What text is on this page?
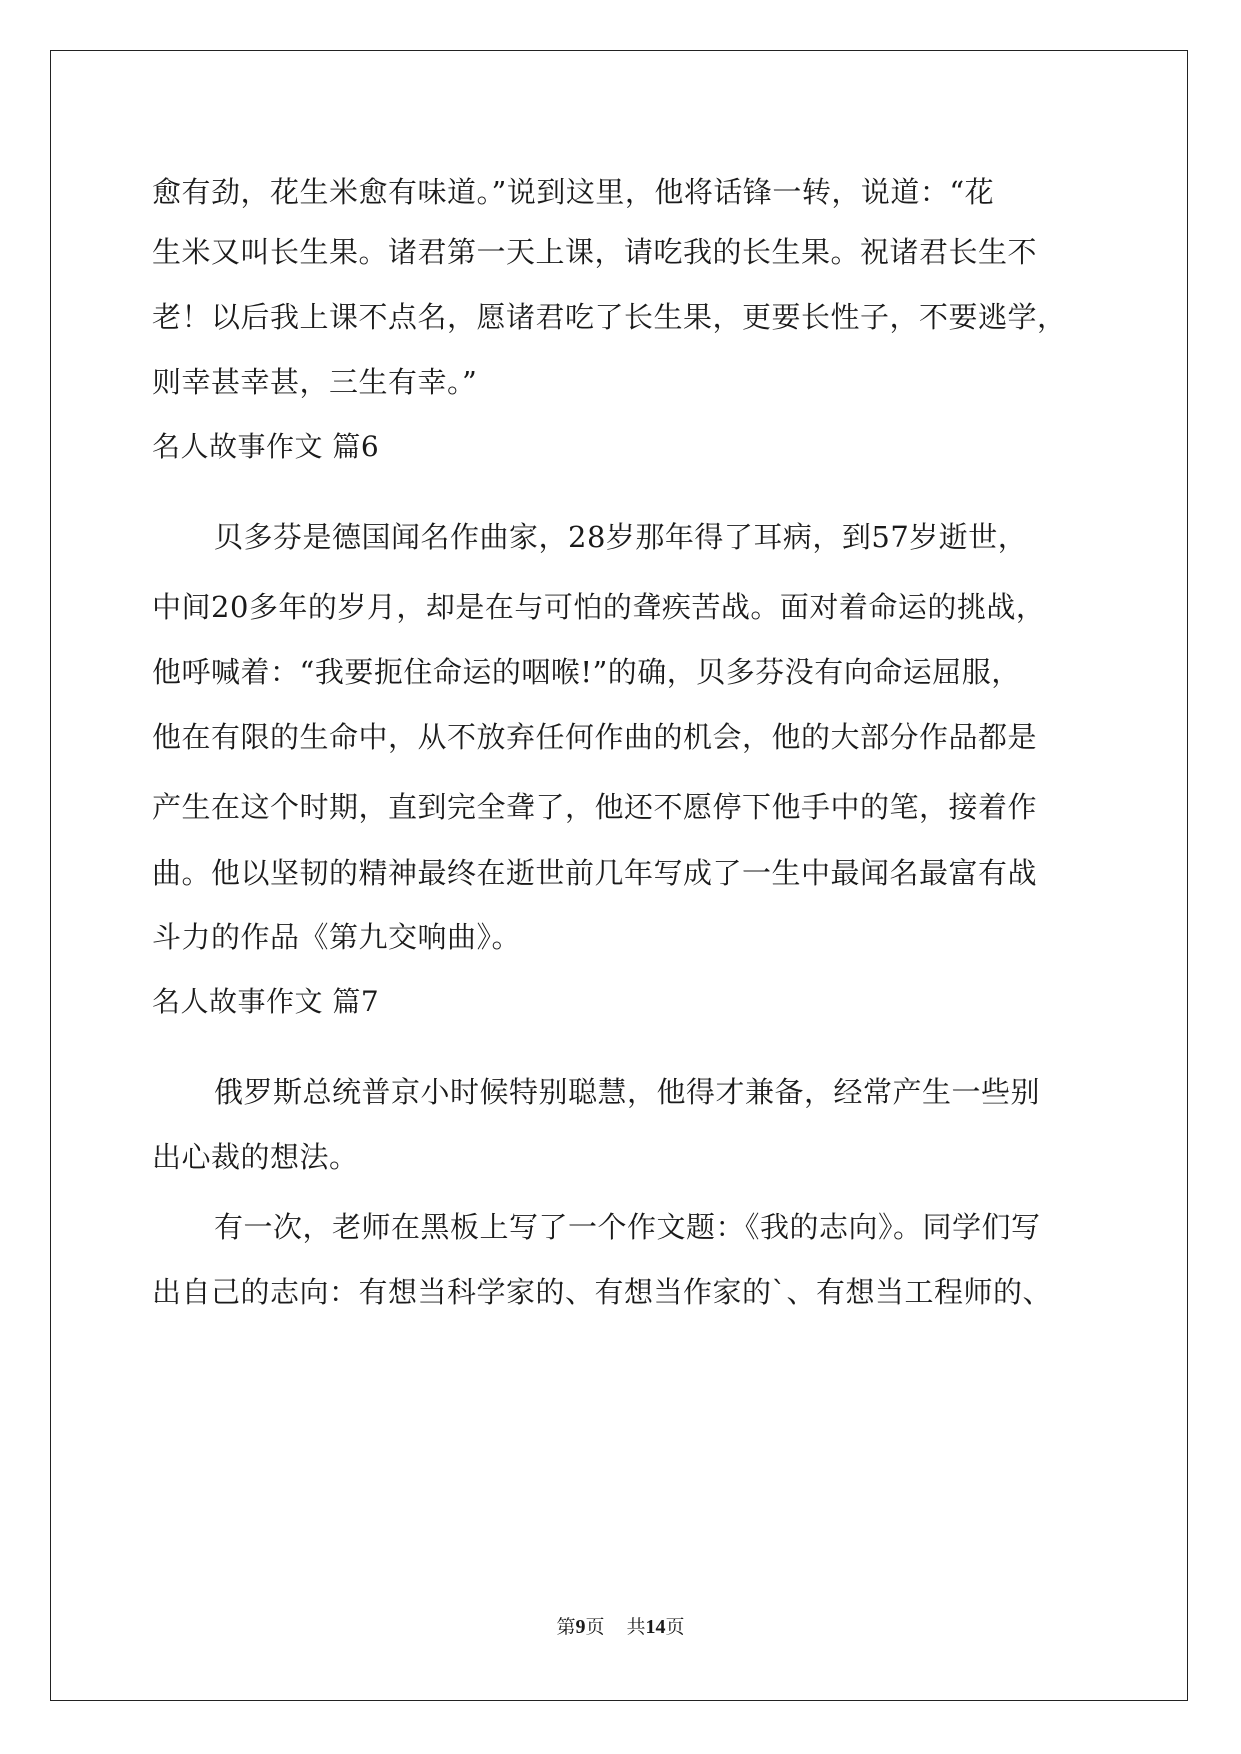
愈有劲，花生米愈有味道。”说到这里，他将话锋一转，说道：“花
生米又叫长生果。诸君第一天上课，请吃我的长生果。祝诸君长生不
老！以后我上课不点名，愿诸君吃了长生果，更要长性子，不要逃学，
则幸甚幸甚，三生有幸。”
名人故事作文 篇6
贝多芬是德国闻名作曲家，28岁那年得了耳病，到57岁逝世，
中间20多年的岁月，却是在与可怕的聋疾苦战。面对着命运的挑战，
他呼喊着：“我要扼住命运的咽喉!”的确，贝多芬没有向命运屈服，
他在有限的生命中，从不放弃任何作曲的机会，他的大部分作品都是
产生在这个时期，直到完全聋了，他还不愿停下他手中的笔，接着作
曲。他以坚韧的精神最终在逝世前几年写成了一生中最闻名最富有战
斗力的作品《第九交响曲》。
名人故事作文 篇7
俄罗斯总统普京小时候特别聪慧，他得才兼备，经常产生一些别
出心裁的想法。
有一次，老师在黑板上写了一个作文题：《我的志向》。同学们写
出自己的志向：有想当科学家的、有想当作家的`、有想当工程师的、
第9页 共14页
